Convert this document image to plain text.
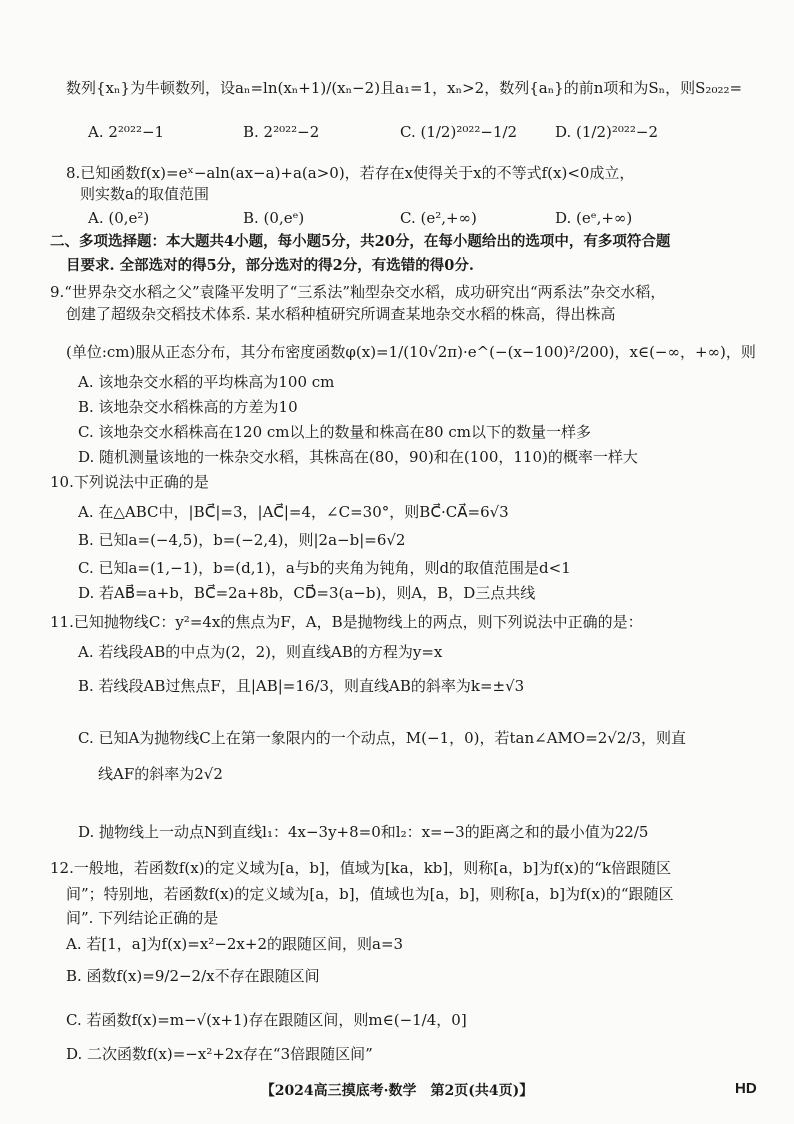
数列{xₙ}为牛顿数列，设aₙ=ln(xₙ+1)/(xₙ−2)且a₁=1，xₙ>2，数列{aₙ}的前n项和为Sₙ，则S₂₀₂₂=
A. 2²⁰²²−1	B. 2²⁰²²−2	C. (1/2)²⁰²²−1/2	D. (1/2)²⁰²²−2
8.已知函数f(x)=eˣ−aln(ax−a)+a(a>0)，若存在x使得关于x的不等式f(x)<0成立，
则实数a的取值范围
A. (0,e²)	B. (0,eᵉ)	C. (e²,+∞)	D. (eᵉ,+∞)
二、多项选择题：本大题共4小题，每小题5分，共20分，在每小题给出的选项中，有多项符合题
目要求. 全部选对的得5分，部分选对的得2分，有选错的得0分.
9.“世界杂交水稻之父”袁隆平发明了“三系法”籼型杂交水稻，成功研究出“两系法”杂交水稻，
创建了超级杂交稻技术体系. 某水稻种植研究所调查某地杂交水稻的株高，得出株高
(单位:cm)服从正态分布，其分布密度函数φ(x)=1/(10√2π)·e^(−(x−100)²/200)，x∈(−∞，+∞)，则
A. 该地杂交水稻的平均株高为100 cm
B. 该地杂交水稻株高的方差为10
C. 该地杂交水稻株高在120 cm以上的数量和株高在80 cm以下的数量一样多
D. 随机测量该地的一株杂交水稻，其株高在(80，90)和在(100，110)的概率一样大
10.下列说法中正确的是
A. 在△ABC中，|BC⃗|=3，|AC⃗|=4，∠C=30°，则BC⃗·CA⃗=6√3
B. 已知a=(−4,5)，b=(−2,4)，则|2a−b|=6√2
C. 已知a=(1,−1)，b=(d,1)，a与b的夹角为钝角，则d的取值范围是d<1
D. 若AB⃗=a+b，BC⃗=2a+8b，CD⃗=3(a−b)，则A，B，D三点共线
11.已知抛物线C：y²=4x的焦点为F，A，B是抛物线上的两点，则下列说法中正确的是：
A. 若线段AB的中点为(2，2)，则直线AB的方程为y=x
B. 若线段AB过焦点F，且|AB|=16/3，则直线AB的斜率为k=±√3
C. 已知A为抛物线C上在第一象限内的一个动点，M(−1，0)，若tan∠AMO=2√2/3，则直
线AF的斜率为2√2
D. 抛物线上一动点N到直线l₁：4x−3y+8=0和l₂：x=−3的距离之和的最小值为22/5
12.一般地，若函数f(x)的定义域为[a，b]，值域为[ka，kb]，则称[a，b]为f(x)的“k倍跟随区
间”；特别地，若函数f(x)的定义域为[a，b]，值域也为[a，b]，则称[a，b]为f(x)的“跟随区
间”. 下列结论正确的是
A. 若[1，a]为f(x)=x²−2x+2的跟随区间，则a=3
B. 函数f(x)=9/2−2/x不存在跟随区间
C. 若函数f(x)=m−√(x+1)存在跟随区间，则m∈(−1/4，0]
D. 二次函数f(x)=−x²+2x存在“3倍跟随区间”
【2024高三摸底考·数学　第2页(共4页)】	HD
